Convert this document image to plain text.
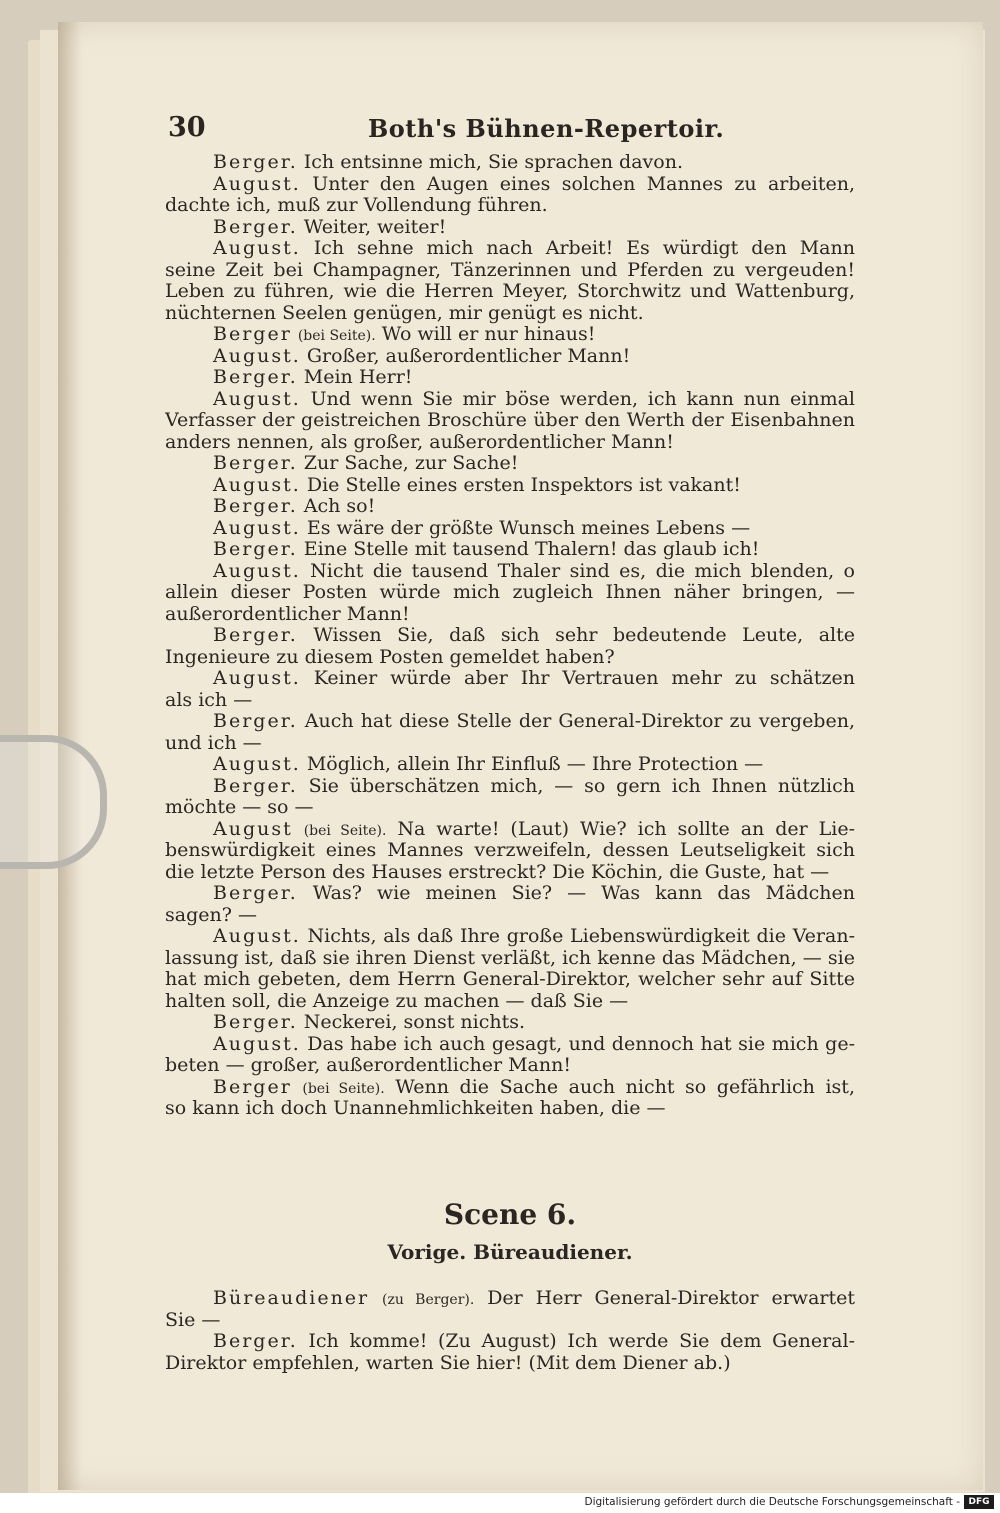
30	Both's Bühnen-Repertoir.
Berger. Ich entsinne mich, Sie sprachen davon.
August. Unter den Augen eines solchen Mannes zu arbeiten,
dachte ich, muß zur Vollendung führen.
Berger. Weiter, weiter!
August. Ich sehne mich nach Arbeit! Es würdigt den Mann
seine Zeit bei Champagner, Tänzerinnen und Pferden zu vergeuden!
Leben zu führen, wie die Herren Meyer, Storchwitz und Wattenburg,
nüchternen Seelen genügen, mir genügt es nicht.
Berger (bei Seite). Wo will er nur hinaus!
August. Großer, außerordentlicher Mann!
Berger. Mein Herr!
August. Und wenn Sie mir böse werden, ich kann nun einmal
Verfasser der geistreichen Broschüre über den Werth der Eisenbahnen
anders nennen, als großer, außerordentlicher Mann!
Berger. Zur Sache, zur Sache!
August. Die Stelle eines ersten Inspektors ist vakant!
Berger. Ach so!
August. Es wäre der größte Wunsch meines Lebens —
Berger. Eine Stelle mit tausend Thalern! das glaub ich!
August. Nicht die tausend Thaler sind es, die mich blenden, o
allein dieser Posten würde mich zugleich Ihnen näher bringen, —
außerordentlicher Mann!
Berger. Wissen Sie, daß sich sehr bedeutende Leute, alte
Ingenieure zu diesem Posten gemeldet haben?
August. Keiner würde aber Ihr Vertrauen mehr zu schätzen
als ich —
Berger. Auch hat diese Stelle der General-Direktor zu vergeben,
und ich —
August. Möglich, allein Ihr Einfluß — Ihre Protection —
Berger. Sie überschätzen mich, — so gern ich Ihnen nützlich
möchte — so —
August (bei Seite). Na warte! (Laut) Wie? ich sollte an der Lie-
benswürdigkeit eines Mannes verzweifeln, dessen Leutseligkeit sich
die letzte Person des Hauses erstreckt? Die Köchin, die Guste, hat —
Berger. Was? wie meinen Sie? — Was kann das Mädchen
sagen? —
August. Nichts, als daß Ihre große Liebenswürdigkeit die Veran-
lassung ist, daß sie ihren Dienst verläßt, ich kenne das Mädchen, — sie
hat mich gebeten, dem Herrn General-Direktor, welcher sehr auf Sitte
halten soll, die Anzeige zu machen — daß Sie —
Berger. Neckerei, sonst nichts.
August. Das habe ich auch gesagt, und dennoch hat sie mich ge-
beten — großer, außerordentlicher Mann!
Berger (bei Seite). Wenn die Sache auch nicht so gefährlich ist,
so kann ich doch Unannehmlichkeiten haben, die —
Scene 6.
Vorige. Büreaudiener.
Büreaudiener (zu Berger). Der Herr General-Direktor erwartet
Sie —
Berger. Ich komme! (Zu August) Ich werde Sie dem General-
Direktor empfehlen, warten Sie hier! (Mit dem Diener ab.)
Digitalisierung gefördert durch die Deutsche Forschungsgemeinschaft - DFG
